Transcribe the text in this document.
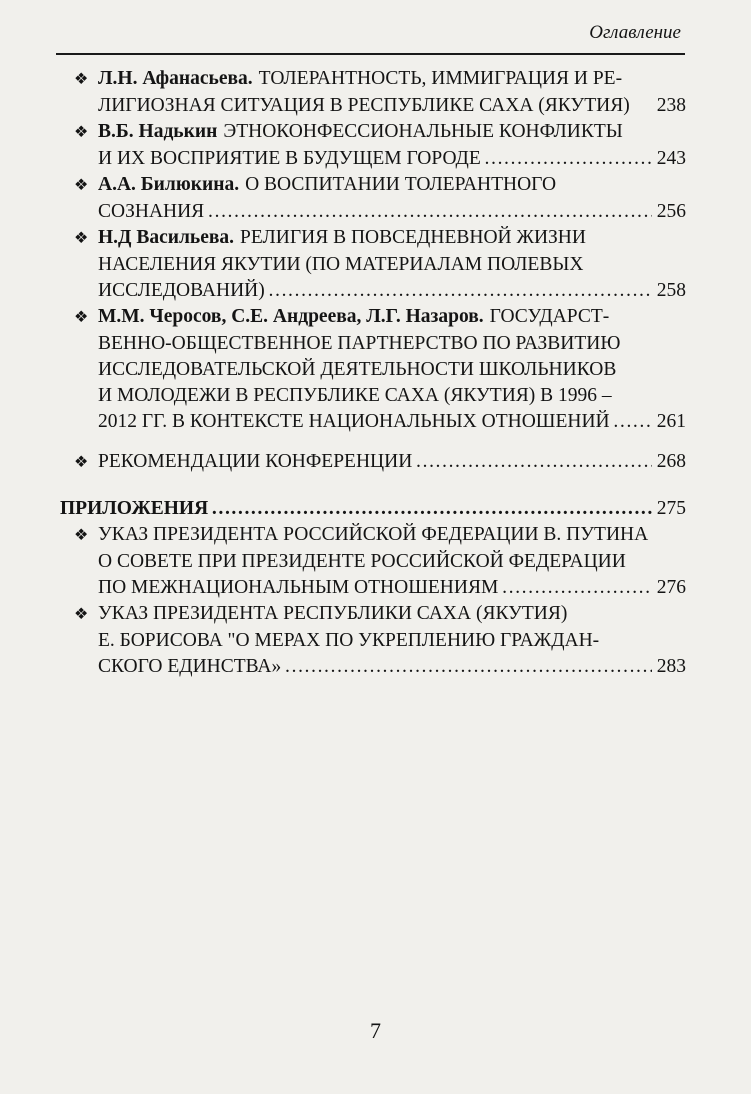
Оглавление
❖ Л.Н. Афанасьева. ТОЛЕРАНТНОСТЬ, ИММИГРАЦИЯ И РЕ-
ЛИГИОЗНАЯ СИТУАЦИЯ В РЕСПУБЛИКЕ САХА (ЯКУТИЯ) 238
❖ В.Б. Надькин ЭТНОКОНФЕССИОНАЛЬНЫЕ КОНФЛИКТЫ
И ИХ ВОСПРИЯТИЕ В БУДУЩЕМ ГОРОДЕ ……………………………………………………………………………………………………………………………………………	243
❖ А.А. Билюкина. О ВОСПИТАНИИ ТОЛЕРАНТНОГО
СОЗНАНИЯ ……………………………………………………………………………………………………………………………………………	256
❖ Н.Д Васильева. РЕЛИГИЯ В ПОВСЕДНЕВНОЙ ЖИЗНИ
НАСЕЛЕНИЯ ЯКУТИИ (ПО МАТЕРИАЛАМ ПОЛЕВЫХ
ИССЛЕДОВАНИЙ) ……………………………………………………………………………………………………………………………………………	258
❖ М.М. Черосов, С.Е. Андреева, Л.Г. Назаров. ГОСУДАРСТ-
ВЕННО-ОБЩЕСТВЕННОЕ ПАРТНЕРСТВО ПО РАЗВИТИЮ
ИССЛЕДОВАТЕЛЬСКОЙ ДЕЯТЕЛЬНОСТИ ШКОЛЬНИКОВ
И МОЛОДЕЖИ В РЕСПУБЛИКЕ САХА (ЯКУТИЯ) В 1996 –
2012 ГГ. В КОНТЕКСТЕ НАЦИОНАЛЬНЫХ ОТНОШЕНИЙ …………………………………………………………………………………………………………………………………………… 261
❖ РЕКОМЕНДАЦИИ КОНФЕРЕНЦИИ ……………………………………………………………………………………………………………………………………………	268
ПРИЛОЖЕНИЯ ……………………………………………………………………………………………………………………………………………	275
❖ УКАЗ ПРЕЗИДЕНТА РОССИЙСКОЙ ФЕДЕРАЦИИ В. ПУТИНА
О СОВЕТЕ ПРИ ПРЕЗИДЕНТЕ РОССИЙСКОЙ ФЕДЕРАЦИИ
ПО МЕЖНАЦИОНАЛЬНЫМ ОТНОШЕНИЯМ ……………………………………………………………………………………………………………………………………………	276
❖ УКАЗ ПРЕЗИДЕНТА РЕСПУБЛИКИ САХА (ЯКУТИЯ)
Е. БОРИСОВА "О МЕРАХ ПО УКРЕПЛЕНИЮ ГРАЖДАН-
СКОГО ЕДИНСТВА» ……………………………………………………………………………………………………………………………………………	283
7
